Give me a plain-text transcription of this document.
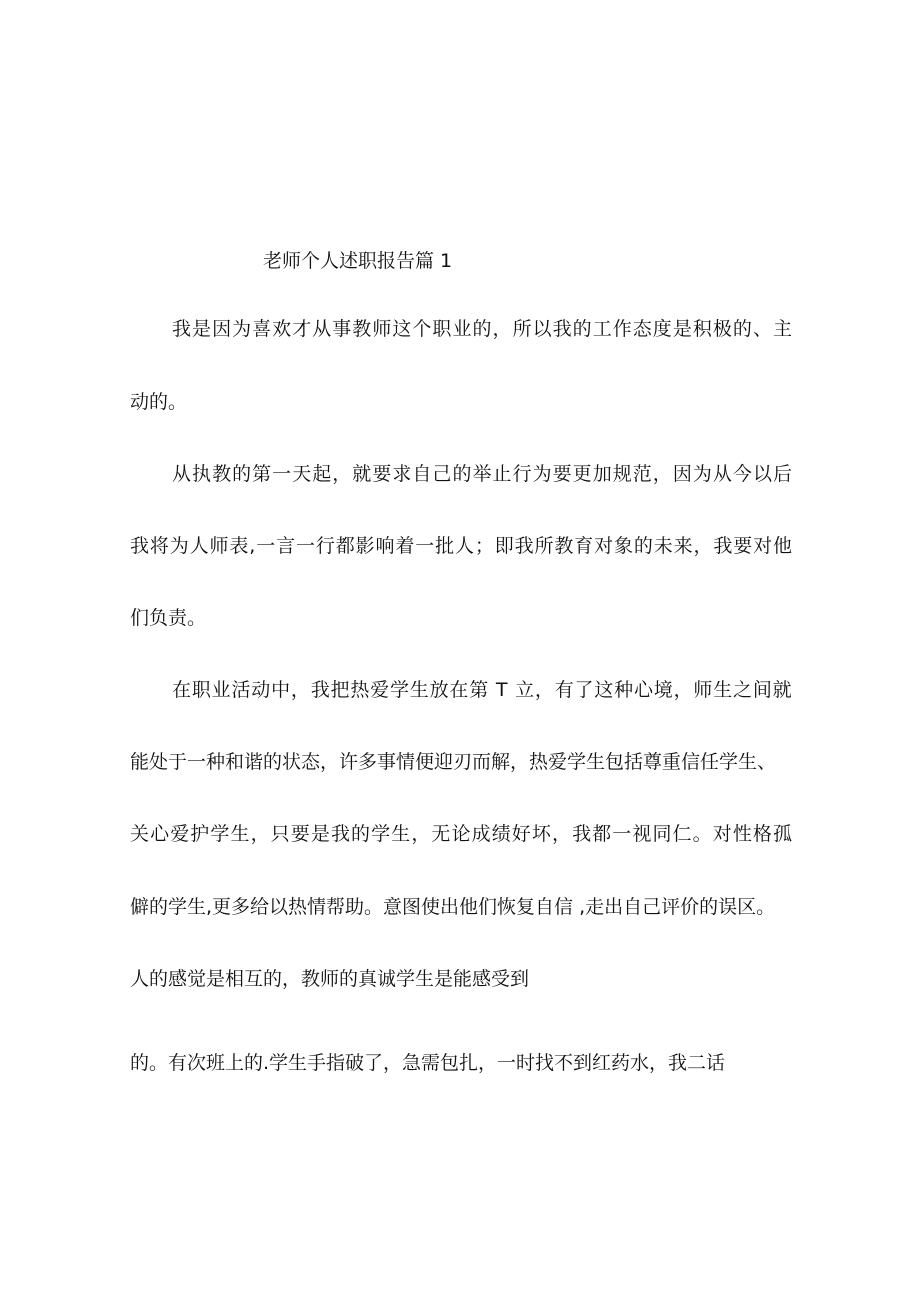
老师个人述职报告篇 1

我是因为喜欢才从事教师这个职业的，所以我的工作态度是积极的、主

动的。

从执教的第一天起，就要求自己的举止行为要更加规范，因为从今以后

我将为人师表,一言一行都影响着一批人；即我所教育对象的未来，我要对他

们负责。

在职业活动中，我把热爱学生放在第 T 立，有了这种心境，师生之间就

能处于一种和谐的状态，许多事情便迎刃而解，热爱学生包括尊重信任学生、

关心爱护学生，只要是我的学生，无论成绩好坏，我都一视同仁。对性格孤

僻的学生,更多给以热情帮助。意图使出他们恢复自信 ,走出自己评价的误区。

人的感觉是相互的，教师的真诚学生是能感受到

的。有次班上的.学生手指破了，急需包扎，一时找不到红药水，我二话
